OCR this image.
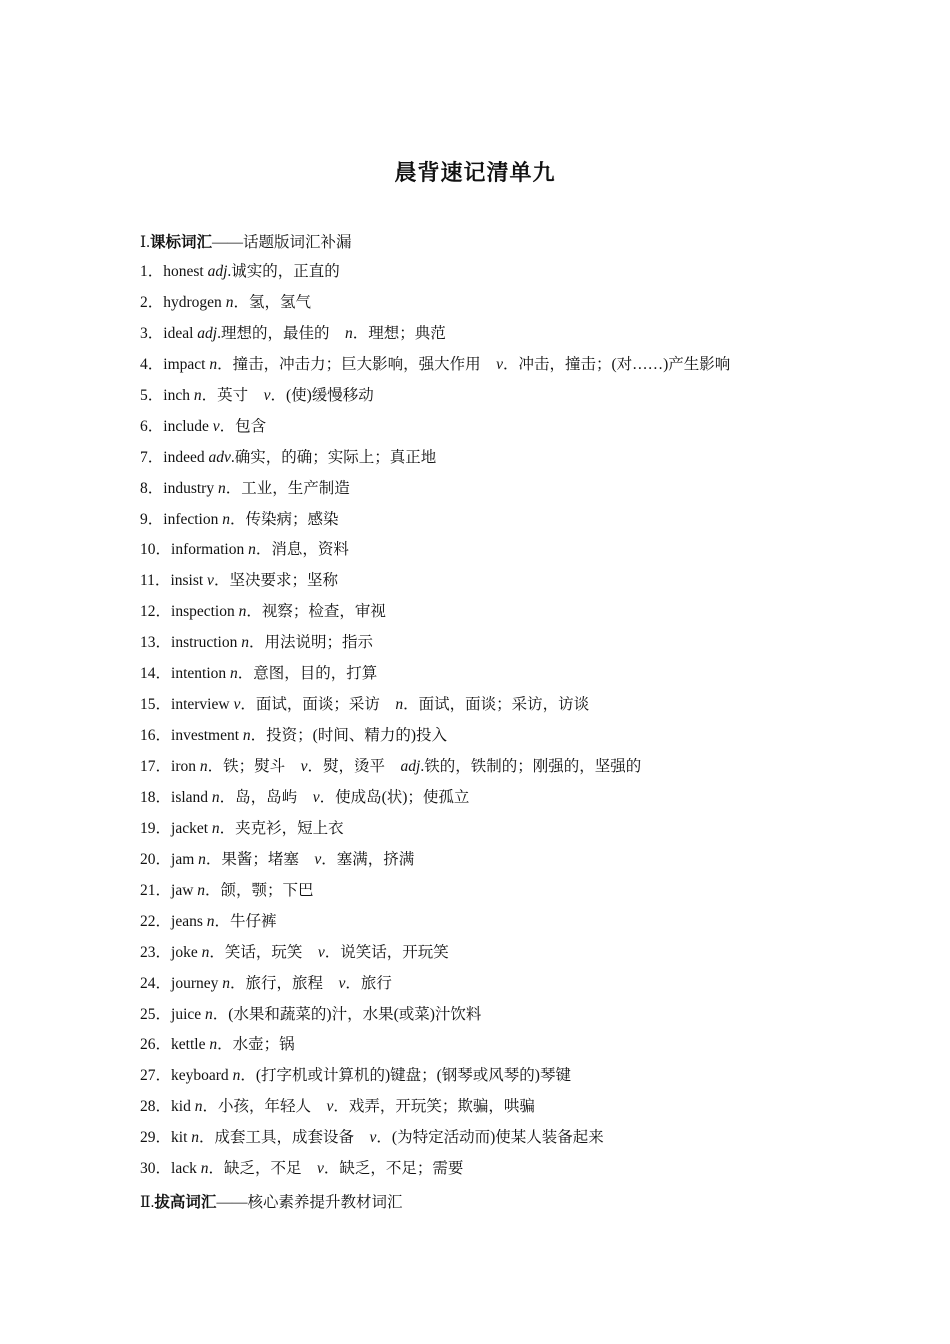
晨背速记清单九

Ⅰ.课标词汇——话题版词汇补漏

1．honest adj.诚实的，正直的
2．hydrogen n．氢，氢气
3．ideal adj.理想的，最佳的　n．理想；典范
4．impact n．撞击，冲击力；巨大影响，强大作用　v．冲击，撞击；(对……)产生影响
5．inch n．英寸　v．(使)缓慢移动
6．include v．包含
7．indeed adv.确实，的确；实际上；真正地
8．industry n．工业，生产制造
9．infection n．传染病；感染
10．information n．消息，资料
11．insist v．坚决要求；坚称
12．inspection n．视察；检查，审视
13．instruction n．用法说明；指示
14．intention n．意图，目的，打算
15．interview v．面试，面谈；采访　n．面试，面谈；采访，访谈
16．investment n．投资；(时间、精力的)投入
17．iron n．铁；熨斗　v．熨，烫平　adj.铁的，铁制的；刚强的，坚强的
18．island n．岛，岛屿　v．使成岛(状)；使孤立
19．jacket n．夹克衫，短上衣
20．jam n．果酱；堵塞　v．塞满，挤满
21．jaw n．颌，颚；下巴
22．jeans n．牛仔裤
23．joke n．笑话，玩笑　v．说笑话，开玩笑
24．journey n．旅行，旅程　v．旅行
25．juice n．(水果和蔬菜的)汁，水果(或菜)汁饮料
26．kettle n．水壶；锅
27．keyboard n．(打字机或计算机的)键盘；(钢琴或风琴的)琴键
28．kid n．小孩，年轻人　v．戏弄，开玩笑；欺骗，哄骗
29．kit n．成套工具，成套设备　v．(为特定活动而)使某人装备起来
30．lack n．缺乏，不足　v．缺乏，不足；需要

Ⅱ.拔高词汇——核心素养提升教材词汇
